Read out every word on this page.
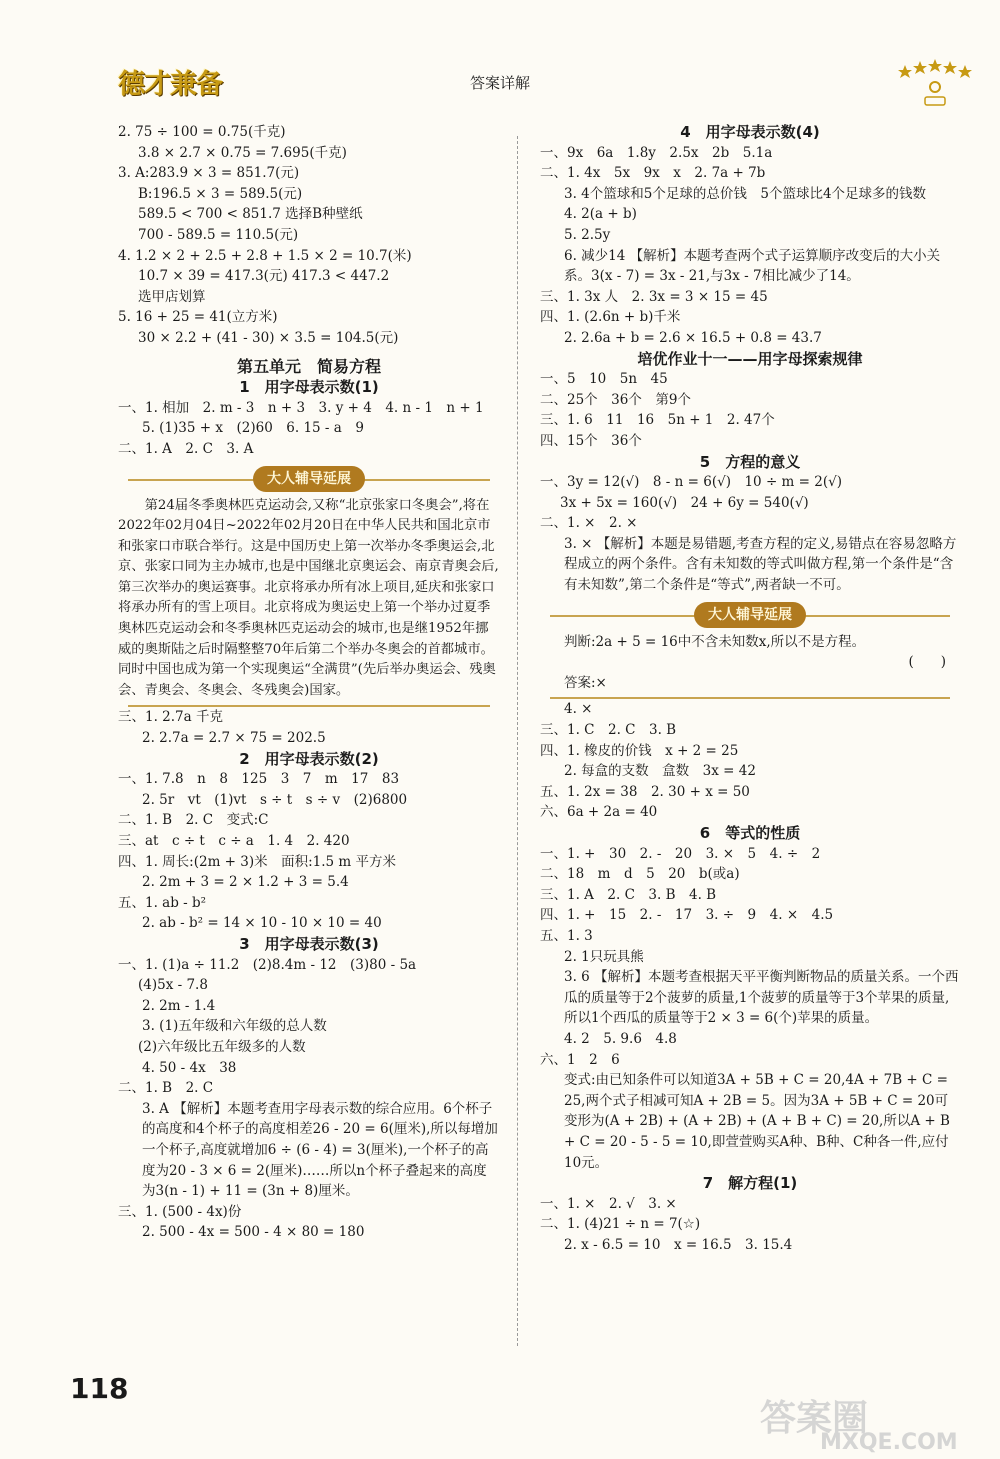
德才兼备	答案详解
2. 75 ÷ 100 = 0.75(千克)
3.8 × 2.7 × 0.75 = 7.695(千克)
3. A:283.9 × 3 = 851.7(元)
B:196.5 × 3 = 589.5(元)
589.5 < 700 < 851.7 选择B种壁纸
700 - 589.5 = 110.5(元)
4. 1.2 × 2 + 2.5 + 2.8 + 1.5 × 2 = 10.7(米)
10.7 × 39 = 417.3(元) 417.3 < 447.2
选甲店划算
5. 16 + 25 = 41(立方米)
30 × 2.2 + (41 - 30) × 3.5 = 104.5(元)
第五单元　简易方程
1　用字母表示数(1)
一、1. 相加　2. m - 3　n + 3　3. y + 4　4. n - 1　n + 1
5. (1)35 + x　(2)60　6. 15 - a　9
二、1. A　2. C　3. A
大人辅导延展

第24届冬季奥林匹克运动会,又称“北京张家口冬奥会”,将在2022年02月04日~2022年02月20日在中华人民共和国北京市和张家口市联合举行。这是中国历史上第一次举办冬季奥运会,北京、张家口同为主办城市,也是中国继北京奥运会、南京青奥会后,第三次举办的奥运赛事。北京将承办所有冰上项目,延庆和张家口将承办所有的雪上项目。北京将成为奥运史上第一个举办过夏季奥林匹克运动会和冬季奥林匹克运动会的城市,也是继1952年挪威的奥斯陆之后时隔整整70年后第二个举办冬奥会的首都城市。同时中国也成为第一个实现奥运“全满贯”(先后举办奥运会、残奥会、青奥会、冬奥会、冬残奥会)国家。

三、1. 2.7a 千克
2. 2.7a = 2.7 × 75 = 202.5
2　用字母表示数(2)
一、1. 7.8　n　8　125　3　7　m　17　83
2. 5r　vt　(1)vt　s ÷ t　s ÷ v　(2)6800
二、1. B　2. C　变式:C
三、at　c ÷ t　c ÷ a　1. 4　2. 420
四、1. 周长:(2m + 3)米　面积:1.5 m 平方米
2. 2m + 3 = 2 × 1.2 + 3 = 5.4
五、1. ab - b²
2. ab - b² = 14 × 10 - 10 × 10 = 40
3　用字母表示数(3)
一、1. (1)a ÷ 11.2　(2)8.4m - 12　(3)80 - 5a
(4)5x - 7.8
2. 2m - 1.4
3. (1)五年级和六年级的总人数
(2)六年级比五年级多的人数
4. 50 - 4x　38
二、1. B　2. C
3. A 【解析】本题考查用字母表示数的综合应用。6个杯子的高度和4个杯子的高度相差26 - 20 = 6(厘米),所以每增加一个杯子,高度就增加6 ÷ (6 - 4) = 3(厘米),一个杯子的高度为20 - 3 × 6 = 2(厘米)……所以n个杯子叠起来的高度为3(n - 1) + 11 = (3n + 8)厘米。
三、1. (500 - 4x)份
2. 500 - 4x = 500 - 4 × 80 = 180
4　用字母表示数(4)
一、9x　6a　1.8y　2.5x　2b　5.1a
二、1. 4x　5x　9x　x　2. 7a + 7b
3. 4个篮球和5个足球的总价钱　5个篮球比4个足球多的钱数
4. 2(a + b)
5. 2.5y
6. 减少14 【解析】本题考查两个式子运算顺序改变后的大小关系。3(x - 7) = 3x - 21,与3x - 7相比减少了14。
三、1. 3x 人　2. 3x = 3 × 15 = 45
四、1. (2.6n + b)千米
2. 2.6a + b = 2.6 × 16.5 + 0.8 = 43.7
培优作业十一——用字母探索规律
一、5　10　5n　45
二、25个　36个　第9个
三、1. 6　11　16　5n + 1　2. 47个
四、15个　36个
5　方程的意义
一、3y = 12(√)　8 - n = 6(√)　10 ÷ m = 2(√)
3x + 5x = 160(√)　24 + 6y = 540(√)
二、1. ×　2. ×
3. × 【解析】本题是易错题,考查方程的定义,易错点在容易忽略方程成立的两个条件。含有未知数的等式叫做方程,第一个条件是“含有未知数”,第二个条件是“等式”,两者缺一不可。
大人辅导延展
判断:2a + 5 = 16中不含未知数x,所以不是方程。
(　　)
答案:×
4. ×
三、1. C　2. C　3. B
四、1. 橡皮的价钱　x + 2 = 25
2. 每盒的支数　盒数　3x = 42
五、1. 2x = 38　2. 30 + x = 50
六、6a + 2a = 40
6　等式的性质
一、1. +　30　2. -　20　3. ×　5　4. ÷　2
二、18　m　d　5　20　b(或a)
三、1. A　2. C　3. B　4. B
四、1. +　15　2. -　17　3. ÷　9　4. ×　4.5
五、1. 3
2. 1只玩具熊
3. 6 【解析】本题考查根据天平平衡判断物品的质量关系。一个西瓜的质量等于2个菠萝的质量,1个菠萝的质量等于3个苹果的质量,所以1个西瓜的质量等于2 × 3 = 6(个)苹果的质量。
4. 2　5. 9.6　4.8
六、1　2　6
变式:由已知条件可以知道3A + 5B + C = 20,4A + 7B + C = 25,两个式子相减可知A + 2B = 5。因为3A + 5B + C = 20可变形为(A + 2B) + (A + 2B) + (A + B + C) = 20,所以A + B + C = 20 - 5 - 5 = 10,即萱萱购买A种、B种、C种各一件,应付10元。
7　解方程(1)
一、1. ×　2. √　3. ×
二、1. (4)21 ÷ n = 7(☆)
2. x - 6.5 = 10　x = 16.5　3. 15.4
118
答案圈
MXQE.COM
